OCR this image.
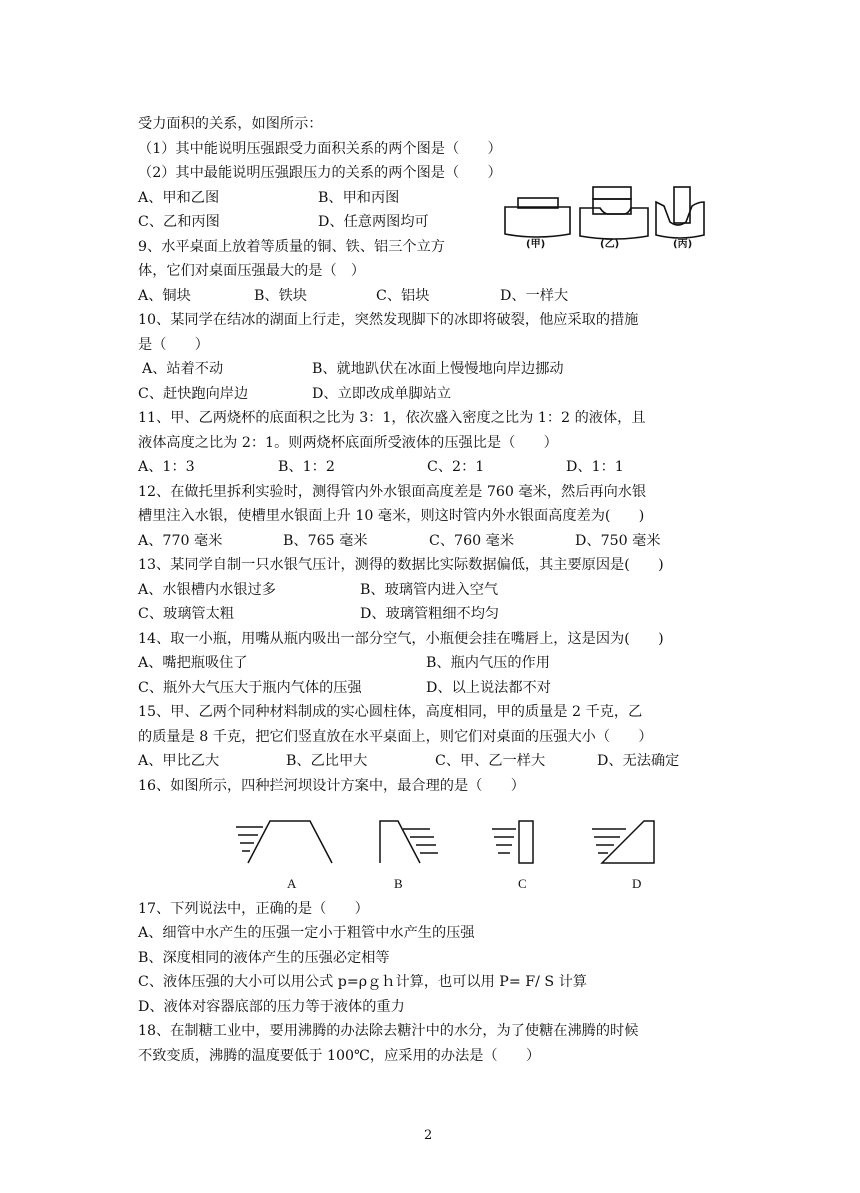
受力面积的关系，如图所示：
（1）其中能说明压强跟受力面积关系的两个图是（　　）
（2）其中最能说明压强跟压力的关系的两个图是（　　）
A、甲和乙图	B、甲和丙图
C、乙和丙图	D、任意两图均可
(甲)	(乙)	(丙)
9、水平桌面上放着等质量的铜、铁、铝三个立方
体，它们对桌面压强最大的是（　）
A、铜块	B、铁块	C、铝块	D、一样大
10、某同学在结冰的湖面上行走，突然发现脚下的冰即将破裂，他应采取的措施
是（　　）
A、站着不动	B、就地趴伏在冰面上慢慢地向岸边挪动
C、赶快跑向岸边	D、立即改成单脚站立
11、甲、乙两烧杯的底面积之比为 3：1，依次盛入密度之比为 1：2 的液体，且
液体高度之比为 2：1。则两烧杯底面所受液体的压强比是（　　）
A、1：3	B、1：2	C、2：1	D、1：1
12、在做托里拆利实验时，测得管内外水银面高度差是 760 毫米，然后再向水银
槽里注入水银，使槽里水银面上升 10 毫米，则这时管内外水银面高度差为(　　)
A、770 毫米	B、765 毫米	C、760 毫米	D、750 毫米
13、某同学自制一只水银气压计，测得的数据比实际数据偏低，其主要原因是(　　)
A、水银槽内水银过多	B、玻璃管内进入空气
C、玻璃管太粗	D、玻璃管粗细不均匀
14、取一小瓶，用嘴从瓶内吸出一部分空气，小瓶便会挂在嘴唇上，这是因为(　　)
A、嘴把瓶吸住了	B、瓶内气压的作用
C、瓶外大气压大于瓶内气体的压强	D、以上说法都不对
15、甲、乙两个同种材料制成的实心圆柱体，高度相同，甲的质量是 2 千克，乙
的质量是 8 千克，把它们竖直放在水平桌面上，则它们对桌面的压强大小（　　）
A、甲比乙大	B、乙比甲大	C、甲、乙一样大	D、无法确定
16、如图所示，四种拦河坝设计方案中，最合理的是（　　）
A	B	C	D
17、下列说法中，正确的是（　　）
A、细管中水产生的压强一定小于粗管中水产生的压强
B、深度相同的液体产生的压强必定相等
C、液体压强的大小可以用公式 p=ρｇｈ计算，也可以用 P= F/ S 计算
D、液体对容器底部的压力等于液体的重力
18、在制糖工业中，要用沸腾的办法除去糖汁中的水分，为了使糖在沸腾的时候
不致变质，沸腾的温度要低于 100℃，应采用的办法是（　　）
2
